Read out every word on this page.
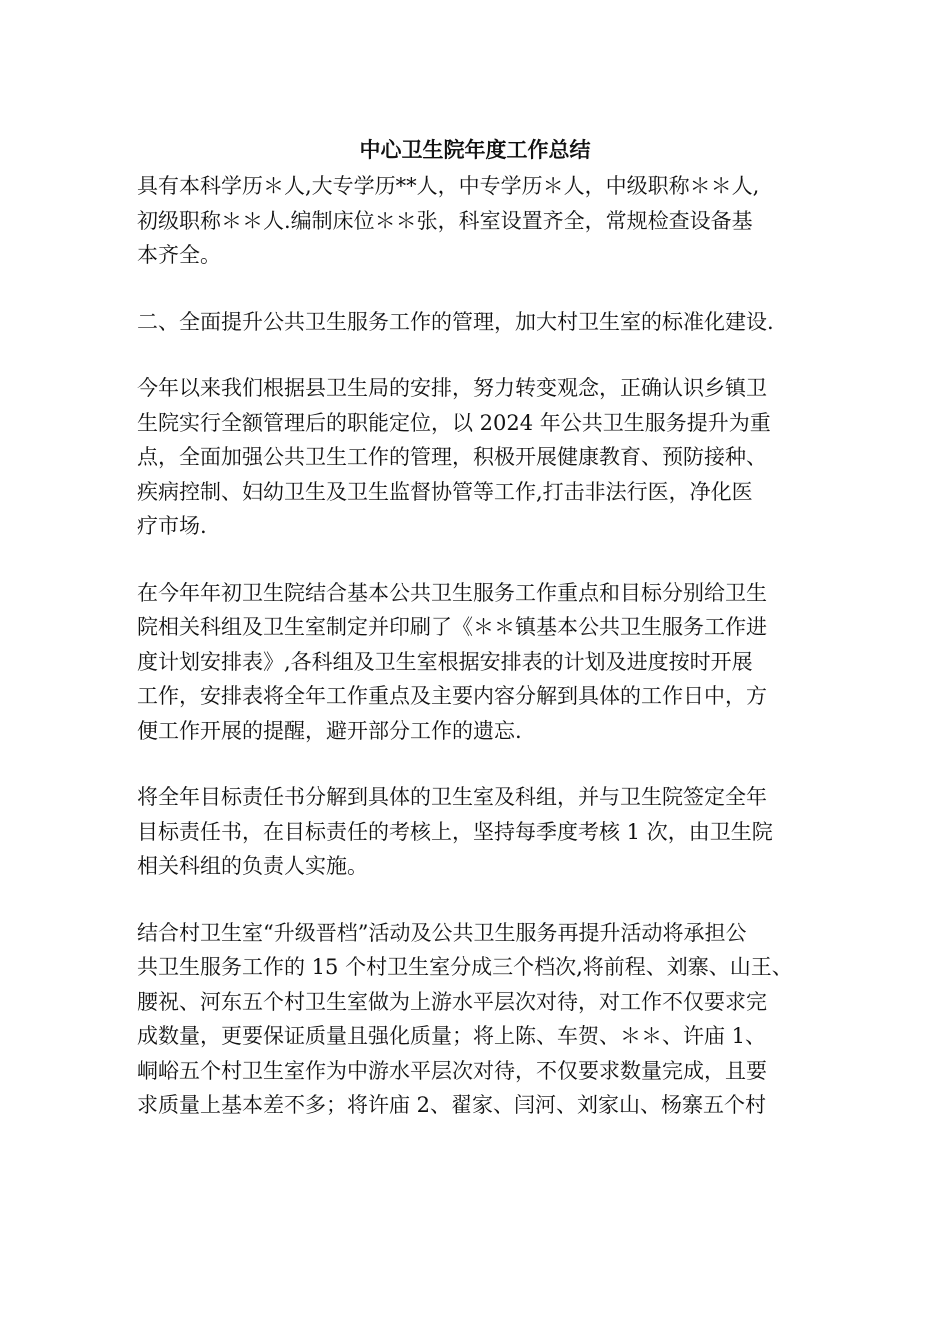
中心卫生院年度工作总结

具有本科学历＊人,大专学历**人，中专学历＊人，中级职称＊＊人,
初级职称＊＊人.编制床位＊＊张，科室设置齐全，常规检查设备基
本齐全。

二、全面提升公共卫生服务工作的管理，加大村卫生室的标准化建设.

今年以来我们根据县卫生局的安排，努力转变观念，正确认识乡镇卫
生院实行全额管理后的职能定位，以 2024 年公共卫生服务提升为重
点，全面加强公共卫生工作的管理，积极开展健康教育、预防接种、
疾病控制、妇幼卫生及卫生监督协管等工作,打击非法行医，净化医
疗市场.

在今年年初卫生院结合基本公共卫生服务工作重点和目标分别给卫生
院相关科组及卫生室制定并印刷了《＊＊镇基本公共卫生服务工作进
度计划安排表》,各科组及卫生室根据安排表的计划及进度按时开展
工作，安排表将全年工作重点及主要内容分解到具体的工作日中，方
便工作开展的提醒，避开部分工作的遗忘.

将全年目标责任书分解到具体的卫生室及科组，并与卫生院签定全年
目标责任书，在目标责任的考核上，坚持每季度考核 1 次，由卫生院
相关科组的负责人实施。

结合村卫生室“升级晋档”活动及公共卫生服务再提升活动将承担公
共卫生服务工作的 15 个村卫生室分成三个档次,将前程、刘寨、山王、
腰祝、河东五个村卫生室做为上游水平层次对待，对工作不仅要求完
成数量，更要保证质量且强化质量；将上陈、车贺、＊＊、许庙 1、
峒峪五个村卫生室作为中游水平层次对待，不仅要求数量完成，且要
求质量上基本差不多；将许庙 2、翟家、闫河、刘家山、杨寨五个村
